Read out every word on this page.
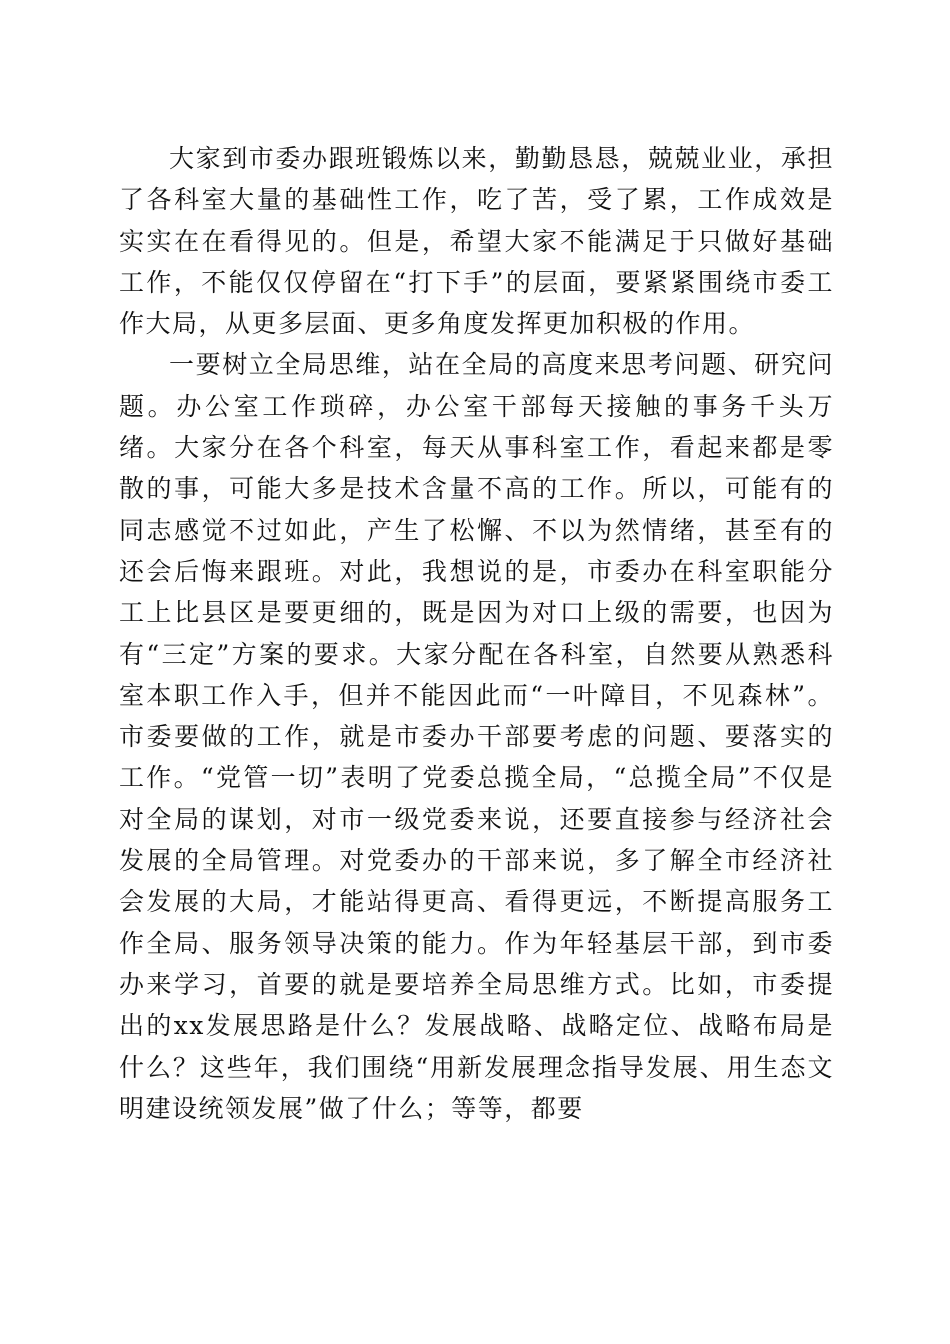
大家到市委办跟班锻炼以来，勤勤恳恳，兢兢业业，承担了各科室大量的基础性工作，吃了苦，受了累，工作成效是实实在在看得见的。但是，希望大家不能满足于只做好基础工作，不能仅仅停留在“打下手”的层面，要紧紧围绕市委工作大局，从更多层面、更多角度发挥更加积极的作用。

一要树立全局思维，站在全局的高度来思考问题、研究问题。办公室工作琐碎，办公室干部每天接触的事务千头万绪。大家分在各个科室，每天从事科室工作，看起来都是零散的事，可能大多是技术含量不高的工作。所以，可能有的同志感觉不过如此，产生了松懈、不以为然情绪，甚至有的还会后悔来跟班。对此，我想说的是，市委办在科室职能分工上比县区是要更细的，既是因为对口上级的需要，也因为有“三定”方案的要求。大家分配在各科室，自然要从熟悉科室本职工作入手，但并不能因此而“一叶障目，不见森林”。市委要做的工作，就是市委办干部要考虑的问题、要落实的工作。“党管一切”表明了党委总揽全局，“总揽全局”不仅是对全局的谋划，对市一级党委来说，还要直接参与经济社会发展的全局管理。对党委办的干部来说，多了解全市经济社会发展的大局，才能站得更高、看得更远，不断提高服务工作全局、服务领导决策的能力。作为年轻基层干部，到市委办来学习，首要的就是要培养全局思维方式。比如，市委提出的xx发展思路是什么？发展战略、战略定位、战略布局是什么？这些年，我们围绕“用新发展理念指导发展、用生态文明建设统领发展”做了什么；等等，都要
